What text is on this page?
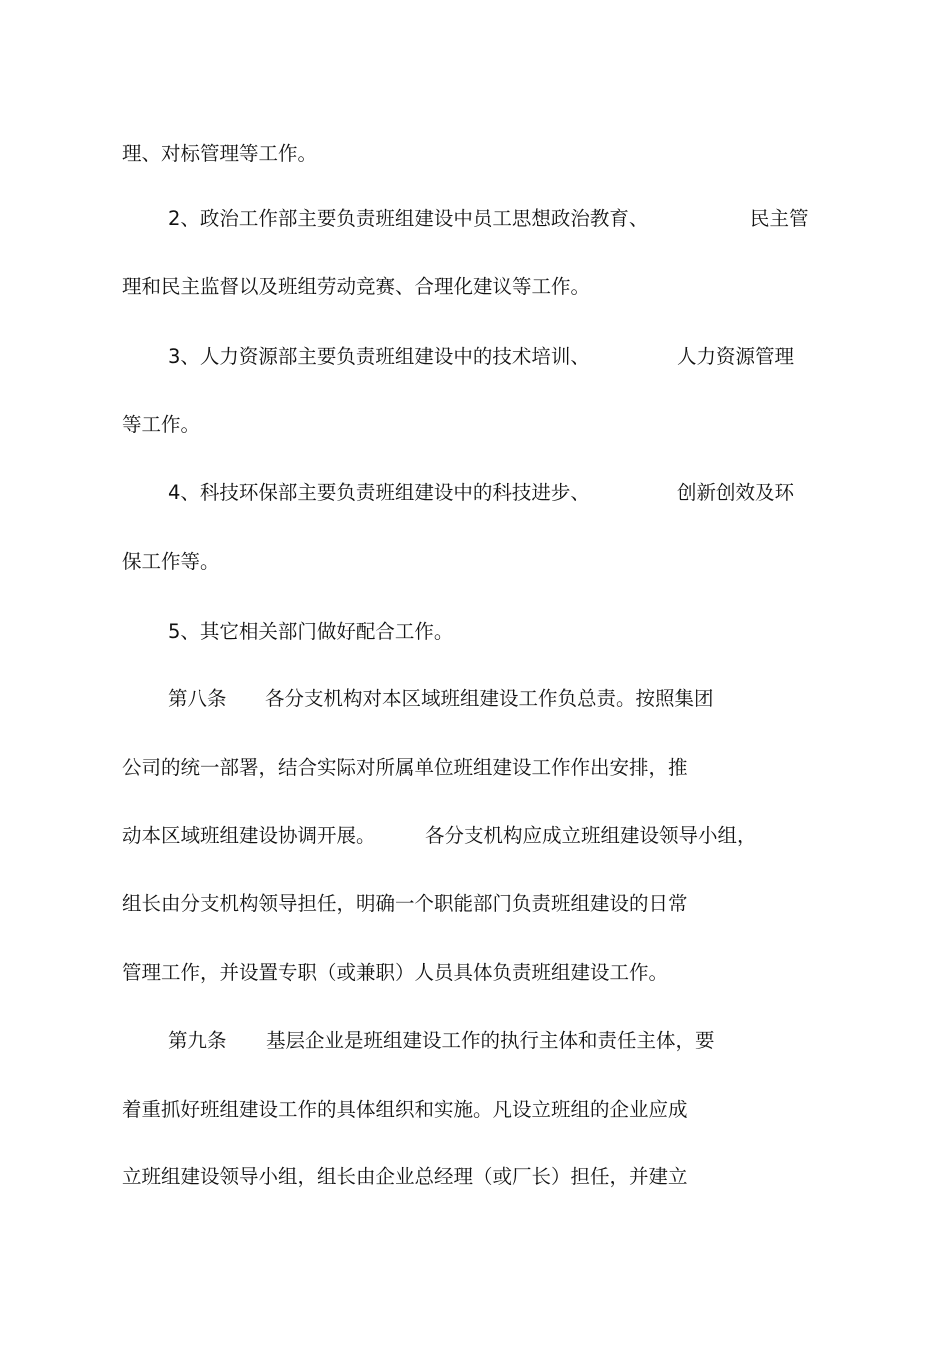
理、对标管理等工作。

2、政治工作部主要负责班组建设中员工思想政治教育、

	民主管

理和民主监督以及班组劳动竞赛、合理化建议等工作。

3、人力资源部主要负责班组建设中的技术培训、

	人力资源管理

等工作。

4、科技环保部主要负责班组建设中的科技进步、

	创新创效及环

保工作等。

5、其它相关部门做好配合工作。

第八条

各分支机构对本区域班组建设工作负总责。按照集团

公司的统一部署，结合实际对所属单位班组建设工作作出安排，推

动本区域班组建设协调开展。

	各分支机构应成立班组建设领导小组，

组长由分支机构领导担任，明确一个职能部门负责班组建设的日常

管理工作，并设置专职（或兼职）人员具体负责班组建设工作。

第九条

基层企业是班组建设工作的执行主体和责任主体，要

着重抓好班组建设工作的具体组织和实施。凡设立班组的企业应成

立班组建设领导小组，组长由企业总经理（或厂长）担任，并建立
